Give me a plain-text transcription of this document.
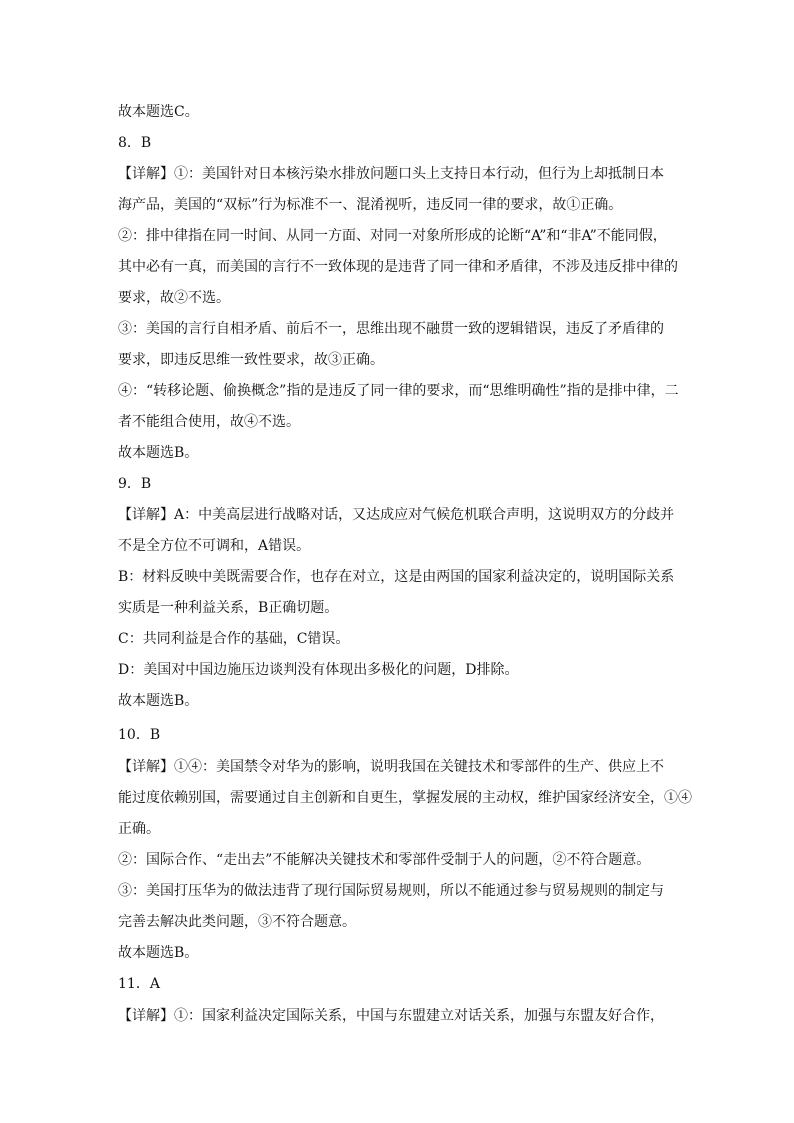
故本题选C。
8．B
【详解】①：美国针对日本核污染水排放问题口头上支持日本行动，但行为上却抵制日本
海产品，美国的“双标”行为标准不一、混淆视听，违反同一律的要求，故①正确。
②：排中律指在同一时间、从同一方面、对同一对象所形成的论断“A”和“非A”不能同假，
其中必有一真，而美国的言行不一致体现的是违背了同一律和矛盾律，不涉及违反排中律的
要求，故②不选。
③：美国的言行自相矛盾、前后不一，思维出现不融贯一致的逻辑错误，违反了矛盾律的
要求，即违反思维一致性要求，故③正确。
④：“转移论题、偷换概念”指的是违反了同一律的要求，而“思维明确性”指的是排中律，二
者不能组合使用，故④不选。
故本题选B。
9．B
【详解】A：中美高层进行战略对话，又达成应对气候危机联合声明，这说明双方的分歧并
不是全方位不可调和，A错误。
B：材料反映中美既需要合作，也存在对立，这是由两国的国家利益决定的，说明国际关系
实质是一种利益关系，B正确切题。
C：共同利益是合作的基础，C错误。
D：美国对中国边施压边谈判没有体现出多极化的问题，D排除。
故本题选B。
10．B
【详解】①④：美国禁令对华为的影响，说明我国在关键技术和零部件的生产、供应上不
能过度依赖别国，需要通过自主创新和自更生，掌握发展的主动权，维护国家经济安全，①④
正确。
②：国际合作、“走出去”不能解决关键技术和零部件受制于人的问题，②不符合题意。
③：美国打压华为的做法违背了现行国际贸易规则，所以不能通过参与贸易规则的制定与
完善去解决此类问题，③不符合题意。
故本题选B。
11．A
【详解】①：国家利益决定国际关系，中国与东盟建立对话关系，加强与东盟友好合作，
